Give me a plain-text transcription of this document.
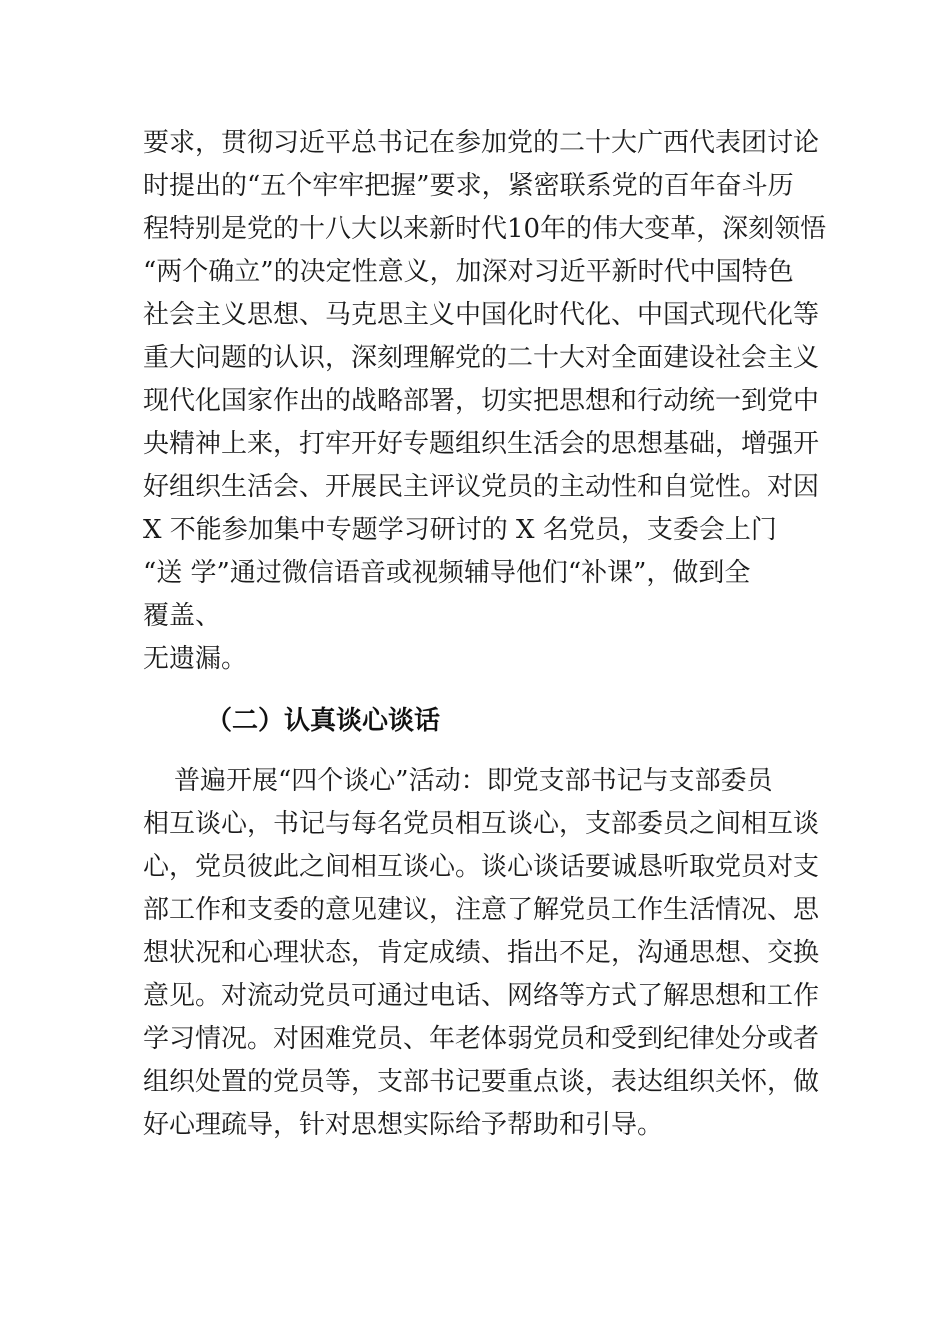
要求，贯彻习近平总书记在参加党的二十大广西代表团讨论

时提出的“五个牢牢把握”要求，紧密联系党的百年奋斗历

程特别是党的十八大以来新时代10年的伟大变革，深刻领悟

“两个确立”的决定性意义，加深对习近平新时代中国特色

社会主义思想、马克思主义中国化时代化、中国式现代化等

重大问题的认识，深刻理解党的二十大对全面建设社会主义

现代化国家作出的战略部署，切实把思想和行动统一到党中

央精神上来，打牢开好专题组织生活会的思想基础，增强开

好组织生活会、开展民主评议党员的主动性和自觉性。对因

X 不能参加集中专题学习研讨的 X 名党员，支委会上门

“送 学”通过微信语音或视频辅导他们“补课”，做到全

覆盖、

无遗漏。

（二）认真谈心谈话

普遍开展“四个谈心”活动：即党支部书记与支部委员

相互谈心，书记与每名党员相互谈心，支部委员之间相互谈

心，党员彼此之间相互谈心。谈心谈话要诚恳听取党员对支

部工作和支委的意见建议，注意了解党员工作生活情况、思

想状况和心理状态，肯定成绩、指出不足，沟通思想、交换

意见。对流动党员可通过电话、网络等方式了解思想和工作

学习情况。对困难党员、年老体弱党员和受到纪律处分或者

组织处置的党员等，支部书记要重点谈，表达组织关怀，做

好心理疏导，针对思想实际给予帮助和引导。
